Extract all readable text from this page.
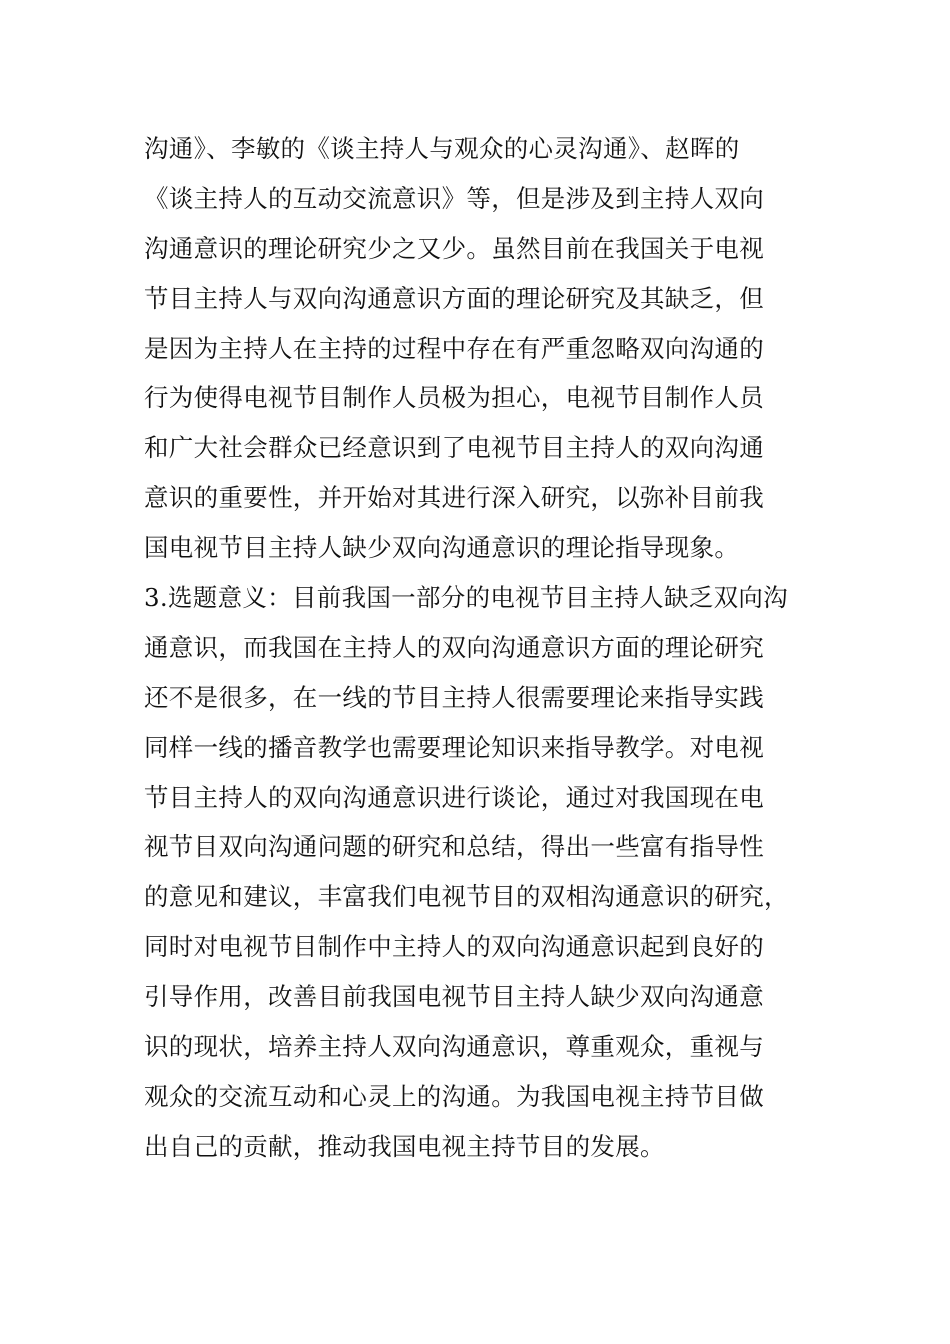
沟通》、李敏的《谈主持人与观众的心灵沟通》、赵晖的
《谈主持人的互动交流意识》等，但是涉及到主持人双向
沟通意识的理论研究少之又少。虽然目前在我国关于电视
节目主持人与双向沟通意识方面的理论研究及其缺乏，但
是因为主持人在主持的过程中存在有严重忽略双向沟通的
行为使得电视节目制作人员极为担心，电视节目制作人员
和广大社会群众已经意识到了电视节目主持人的双向沟通
意识的重要性，并开始对其进行深入研究，以弥补目前我
国电视节目主持人缺少双向沟通意识的理论指导现象。
3.选题意义：目前我国一部分的电视节目主持人缺乏双向沟
通意识，而我国在主持人的双向沟通意识方面的理论研究
还不是很多，在一线的节目主持人很需要理论来指导实践
同样一线的播音教学也需要理论知识来指导教学。对电视
节目主持人的双向沟通意识进行谈论，通过对我国现在电
视节目双向沟通问题的研究和总结，得出一些富有指导性
的意见和建议，丰富我们电视节目的双相沟通意识的研究，
同时对电视节目制作中主持人的双向沟通意识起到良好的
引导作用，改善目前我国电视节目主持人缺少双向沟通意
识的现状，培养主持人双向沟通意识，尊重观众，重视与
观众的交流互动和心灵上的沟通。为我国电视主持节目做
出自己的贡献，推动我国电视主持节目的发展。
